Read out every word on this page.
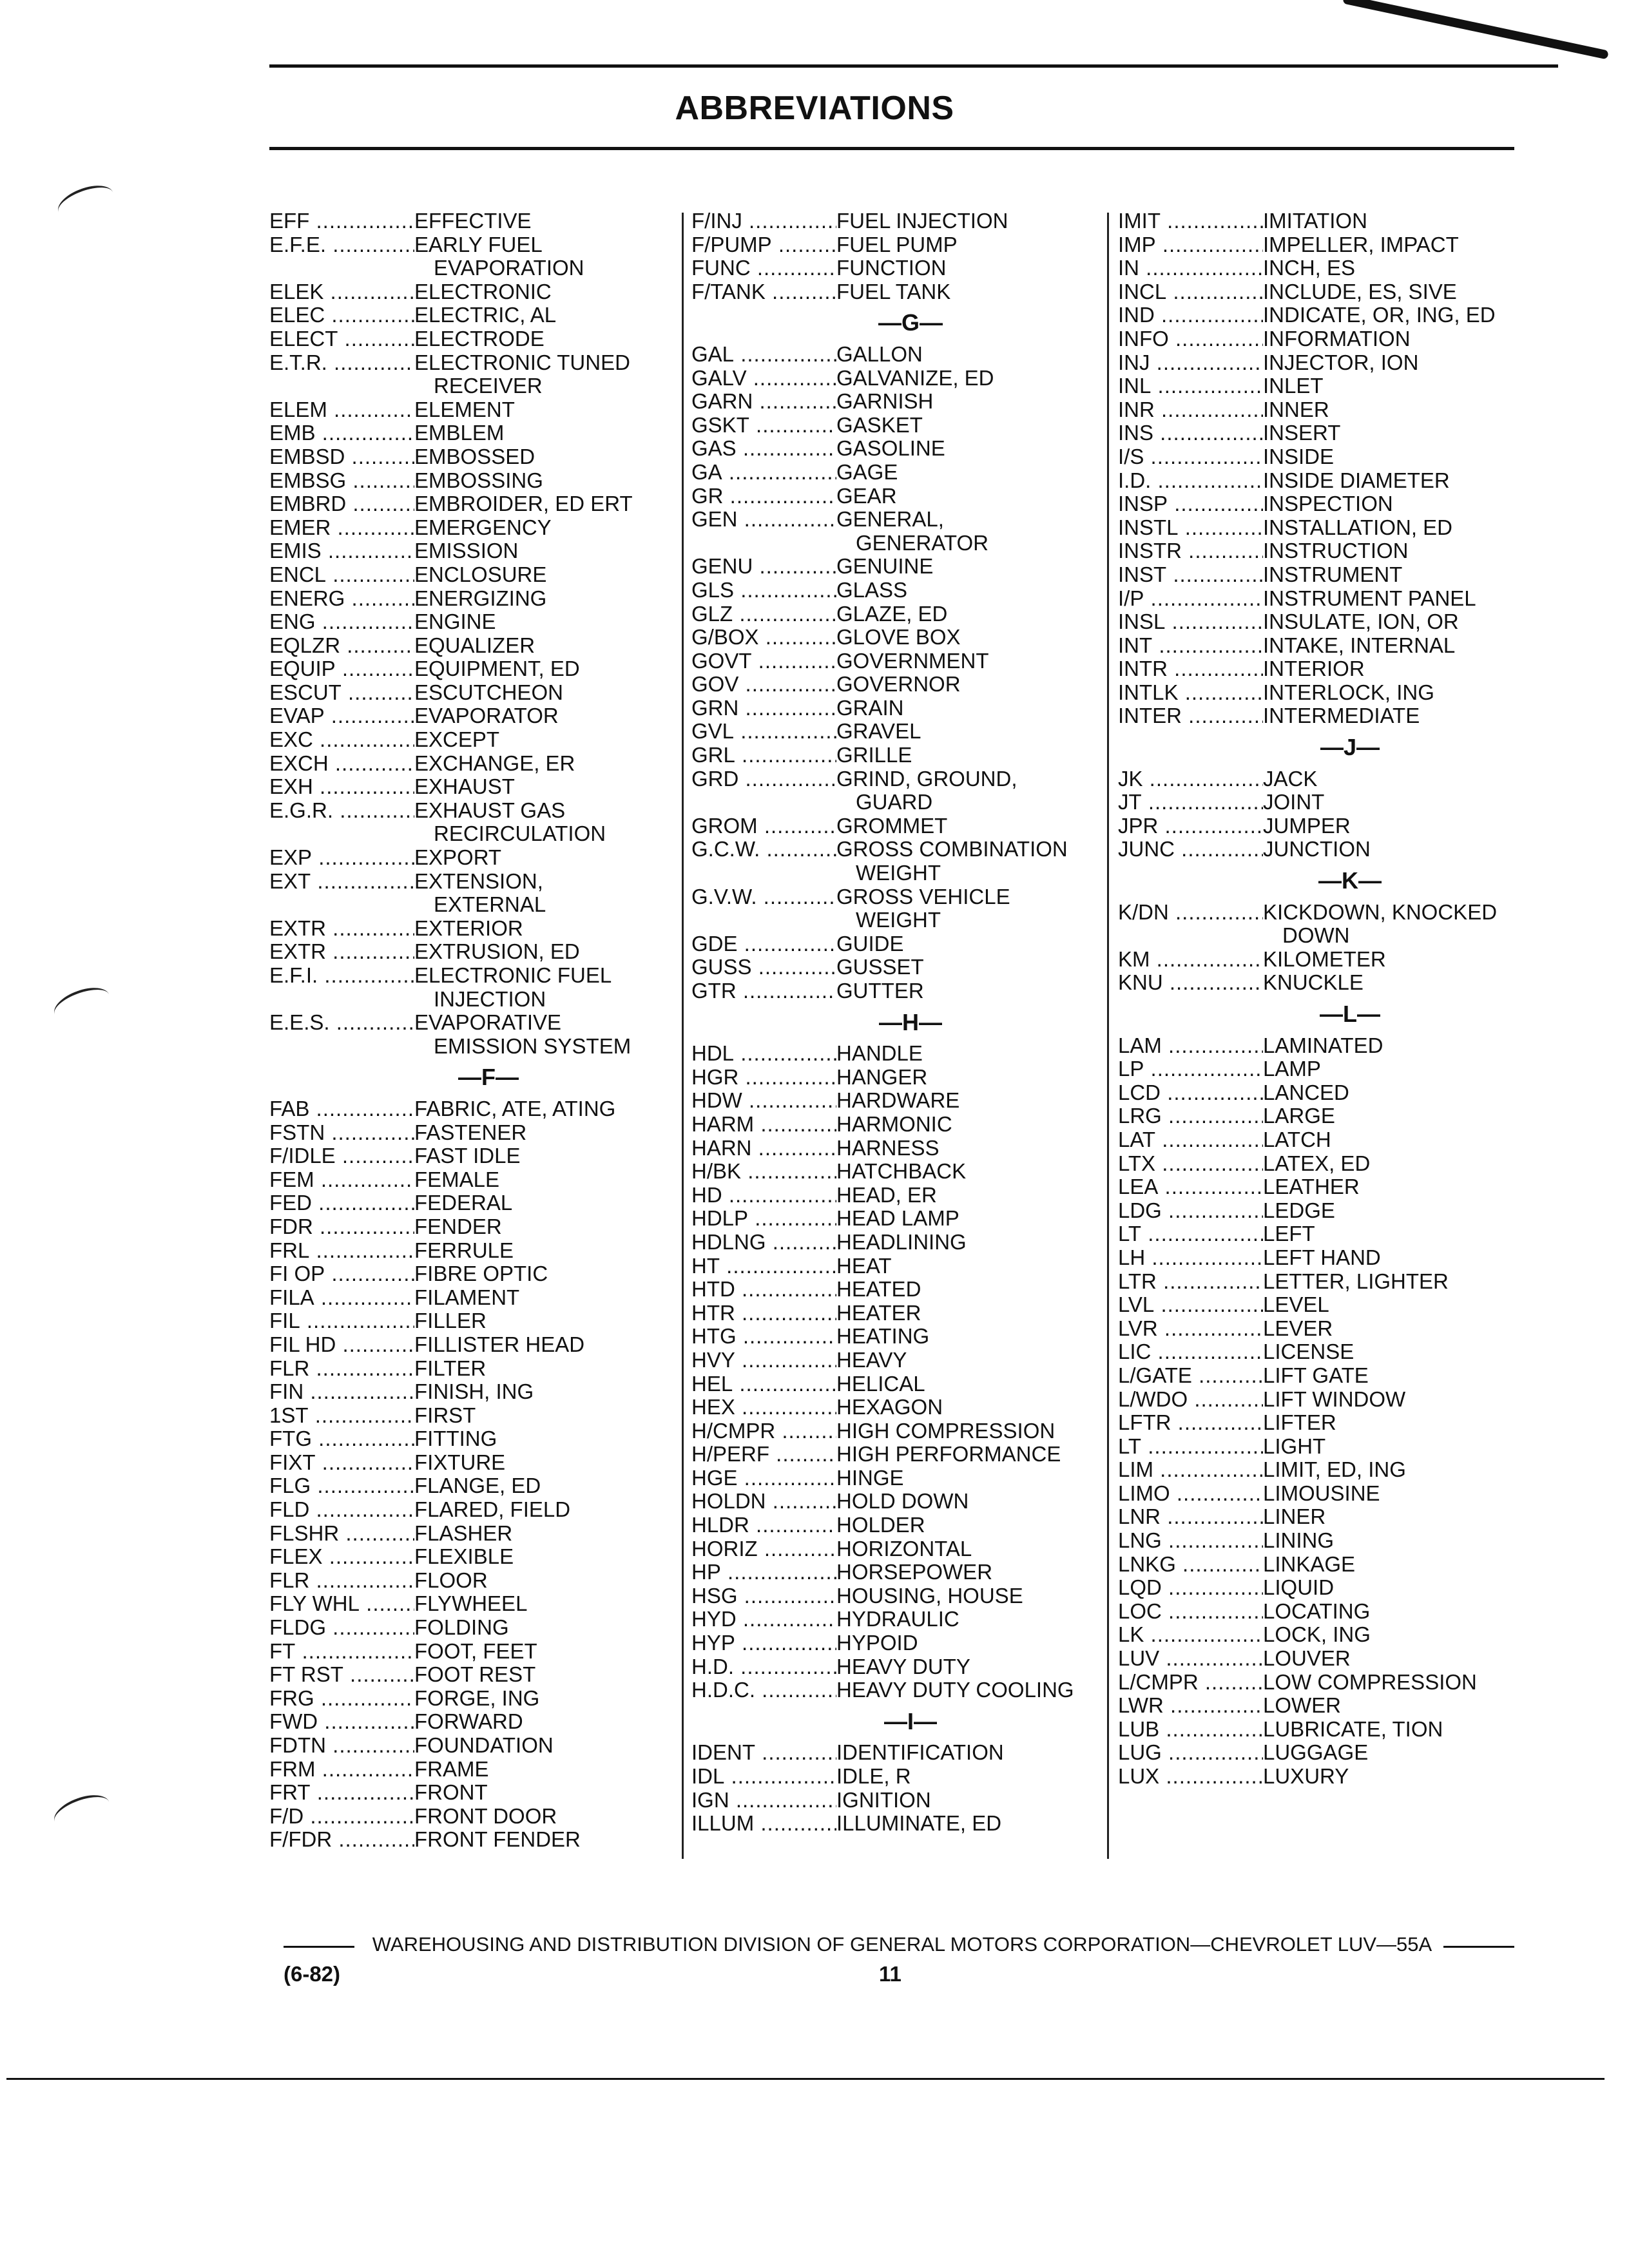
ABBREVIATIONS
EFF .....	EFFECTIVE
E.F.E. .....	EARLY FUEL
EVAPORATION
ELEK .....	ELECTRONIC
ELEC .....	ELECTRIC, AL
ELECT .....	ELECTRODE
E.T.R. .....	ELECTRONIC TUNED
RECEIVER
ELEM .....	ELEMENT
EMB .....	EMBLEM
EMBSD .....	EMBOSSED
EMBSG .....	EMBOSSING
EMBRD .....	EMBROIDER, ED ERT
EMER .....	EMERGENCY
EMIS .....	EMISSION
ENCL .....	ENCLOSURE
ENERG .....	ENERGIZING
ENG .....	ENGINE
EQLZR .....	EQUALIZER
EQUIP .....	EQUIPMENT, ED
ESCUT .....	ESCUTCHEON
EVAP .....	EVAPORATOR
EXC .....	EXCEPT
EXCH .....	EXCHANGE, ER
EXH .....	EXHAUST
E.G.R. .....	EXHAUST GAS
RECIRCULATION
EXP .....	EXPORT
EXT .....	EXTENSION,
EXTERNAL
EXTR .....	EXTERIOR
EXTR .....	EXTRUSION, ED
E.F.I. .....	ELECTRONIC FUEL
INJECTION
E.E.S. .....	EVAPORATIVE
EMISSION SYSTEM
—F—
FAB .....	FABRIC, ATE, ATING
FSTN .....	FASTENER
F/IDLE .....	FAST IDLE
FEM .....	FEMALE
FED .....	FEDERAL
FDR .....	FENDER
FRL .....	FERRULE
FI OP .....	FIBRE OPTIC
FILA .....	FILAMENT
FIL .....	FILLER
FIL HD .....	FILLISTER HEAD
FLR .....	FILTER
FIN .....	FINISH, ING
1ST .....	FIRST
FTG .....	FITTING
FIXT .....	FIXTURE
FLG .....	FLANGE, ED
FLD .....	FLARED, FIELD
FLSHR .....	FLASHER
FLEX .....	FLEXIBLE
FLR .....	FLOOR
FLY WHL .....	FLYWHEEL
FLDG .....	FOLDING
FT .....	FOOT, FEET
FT RST .....	FOOT REST
FRG .....	FORGE, ING
FWD .....	FORWARD
FDTN .....	FOUNDATION
FRM .....	FRAME
FRT .....	FRONT
F/D .....	FRONT DOOR
F/FDR .....	FRONT FENDER
F/INJ .....	FUEL INJECTION
F/PUMP .....	FUEL PUMP
FUNC .....	FUNCTION
F/TANK .....	FUEL TANK
—G—
GAL .....	GALLON
GALV .....	GALVANIZE, ED
GARN .....	GARNISH
GSKT .....	GASKET
GAS .....	GASOLINE
GA .....	GAGE
GR .....	GEAR
GEN .....	GENERAL,
GENERATOR
GENU .....	GENUINE
GLS .....	GLASS
GLZ .....	GLAZE, ED
G/BOX .....	GLOVE BOX
GOVT .....	GOVERNMENT
GOV .....	GOVERNOR
GRN .....	GRAIN
GVL .....	GRAVEL
GRL .....	GRILLE
GRD .....	GRIND, GROUND,
GUARD
GROM .....	GROMMET
G.C.W. .....	GROSS COMBINATION
WEIGHT
G.V.W. .....	GROSS VEHICLE
WEIGHT
GDE .....	GUIDE
GUSS .....	GUSSET
GTR .....	GUTTER
—H—
HDL .....	HANDLE
HGR .....	HANGER
HDW .....	HARDWARE
HARM .....	HARMONIC
HARN .....	HARNESS
H/BK .....	HATCHBACK
HD .....	HEAD, ER
HDLP .....	HEAD LAMP
HDLNG .....	HEADLINING
HT .....	HEAT
HTD .....	HEATED
HTR .....	HEATER
HTG .....	HEATING
HVY .....	HEAVY
HEL .....	HELICAL
HEX .....	HEXAGON
H/CMPR .....	HIGH COMPRESSION
H/PERF .....	HIGH PERFORMANCE
HGE .....	HINGE
HOLDN .....	HOLD DOWN
HLDR .....	HOLDER
HORIZ .....	HORIZONTAL
HP .....	HORSEPOWER
HSG .....	HOUSING, HOUSE
HYD .....	HYDRAULIC
HYP .....	HYPOID
H.D. .....	HEAVY DUTY
H.D.C. .....	HEAVY DUTY COOLING
—I—
IDENT .....	IDENTIFICATION
IDL .....	IDLE, R
IGN .....	IGNITION
ILLUM .....	ILLUMINATE, ED
IMIT .....	IMITATION
IMP .....	IMPELLER, IMPACT
IN .....	INCH, ES
INCL .....	INCLUDE, ES, SIVE
IND .....	INDICATE, OR, ING, ED
INFO .....	INFORMATION
INJ .....	INJECTOR, ION
INL .....	INLET
INR .....	INNER
INS .....	INSERT
I/S .....	INSIDE
I.D. .....	INSIDE DIAMETER
INSP .....	INSPECTION
INSTL .....	INSTALLATION, ED
INSTR .....	INSTRUCTION
INST .....	INSTRUMENT
I/P .....	INSTRUMENT PANEL
INSL .....	INSULATE, ION, OR
INT .....	INTAKE, INTERNAL
INTR .....	INTERIOR
INTLK .....	INTERLOCK, ING
INTER .....	INTERMEDIATE
—J—
JK .....	JACK
JT .....	JOINT
JPR .....	JUMPER
JUNC .....	JUNCTION
—K—
K/DN .....	KICKDOWN, KNOCKED
DOWN
KM .....	KILOMETER
KNU .....	KNUCKLE
—L—
LAM .....	LAMINATED
LP .....	LAMP
LCD .....	LANCED
LRG .....	LARGE
LAT .....	LATCH
LTX .....	LATEX, ED
LEA .....	LEATHER
LDG .....	LEDGE
LT .....	LEFT
LH .....	LEFT HAND
LTR .....	LETTER, LIGHTER
LVL .....	LEVEL
LVR .....	LEVER
LIC .....	LICENSE
L/GATE .....	LIFT GATE
L/WDO .....	LIFT WINDOW
LFTR .....	LIFTER
LT .....	LIGHT
LIM .....	LIMIT, ED, ING
LIMO .....	LIMOUSINE
LNR .....	LINER
LNG .....	LINING
LNKG .....	LINKAGE
LQD .....	LIQUID
LOC .....	LOCATING
LK .....	LOCK, ING
LUV .....	LOUVER
L/CMPR .....	LOW COMPRESSION
LWR .....	LOWER
LUB .....	LUBRICATE, TION
LUG .....	LUGGAGE
LUX .....	LUXURY
WAREHOUSING AND DISTRIBUTION DIVISION OF GENERAL MOTORS CORPORATION—CHEVROLET LUV—55A
(6-82)	11
